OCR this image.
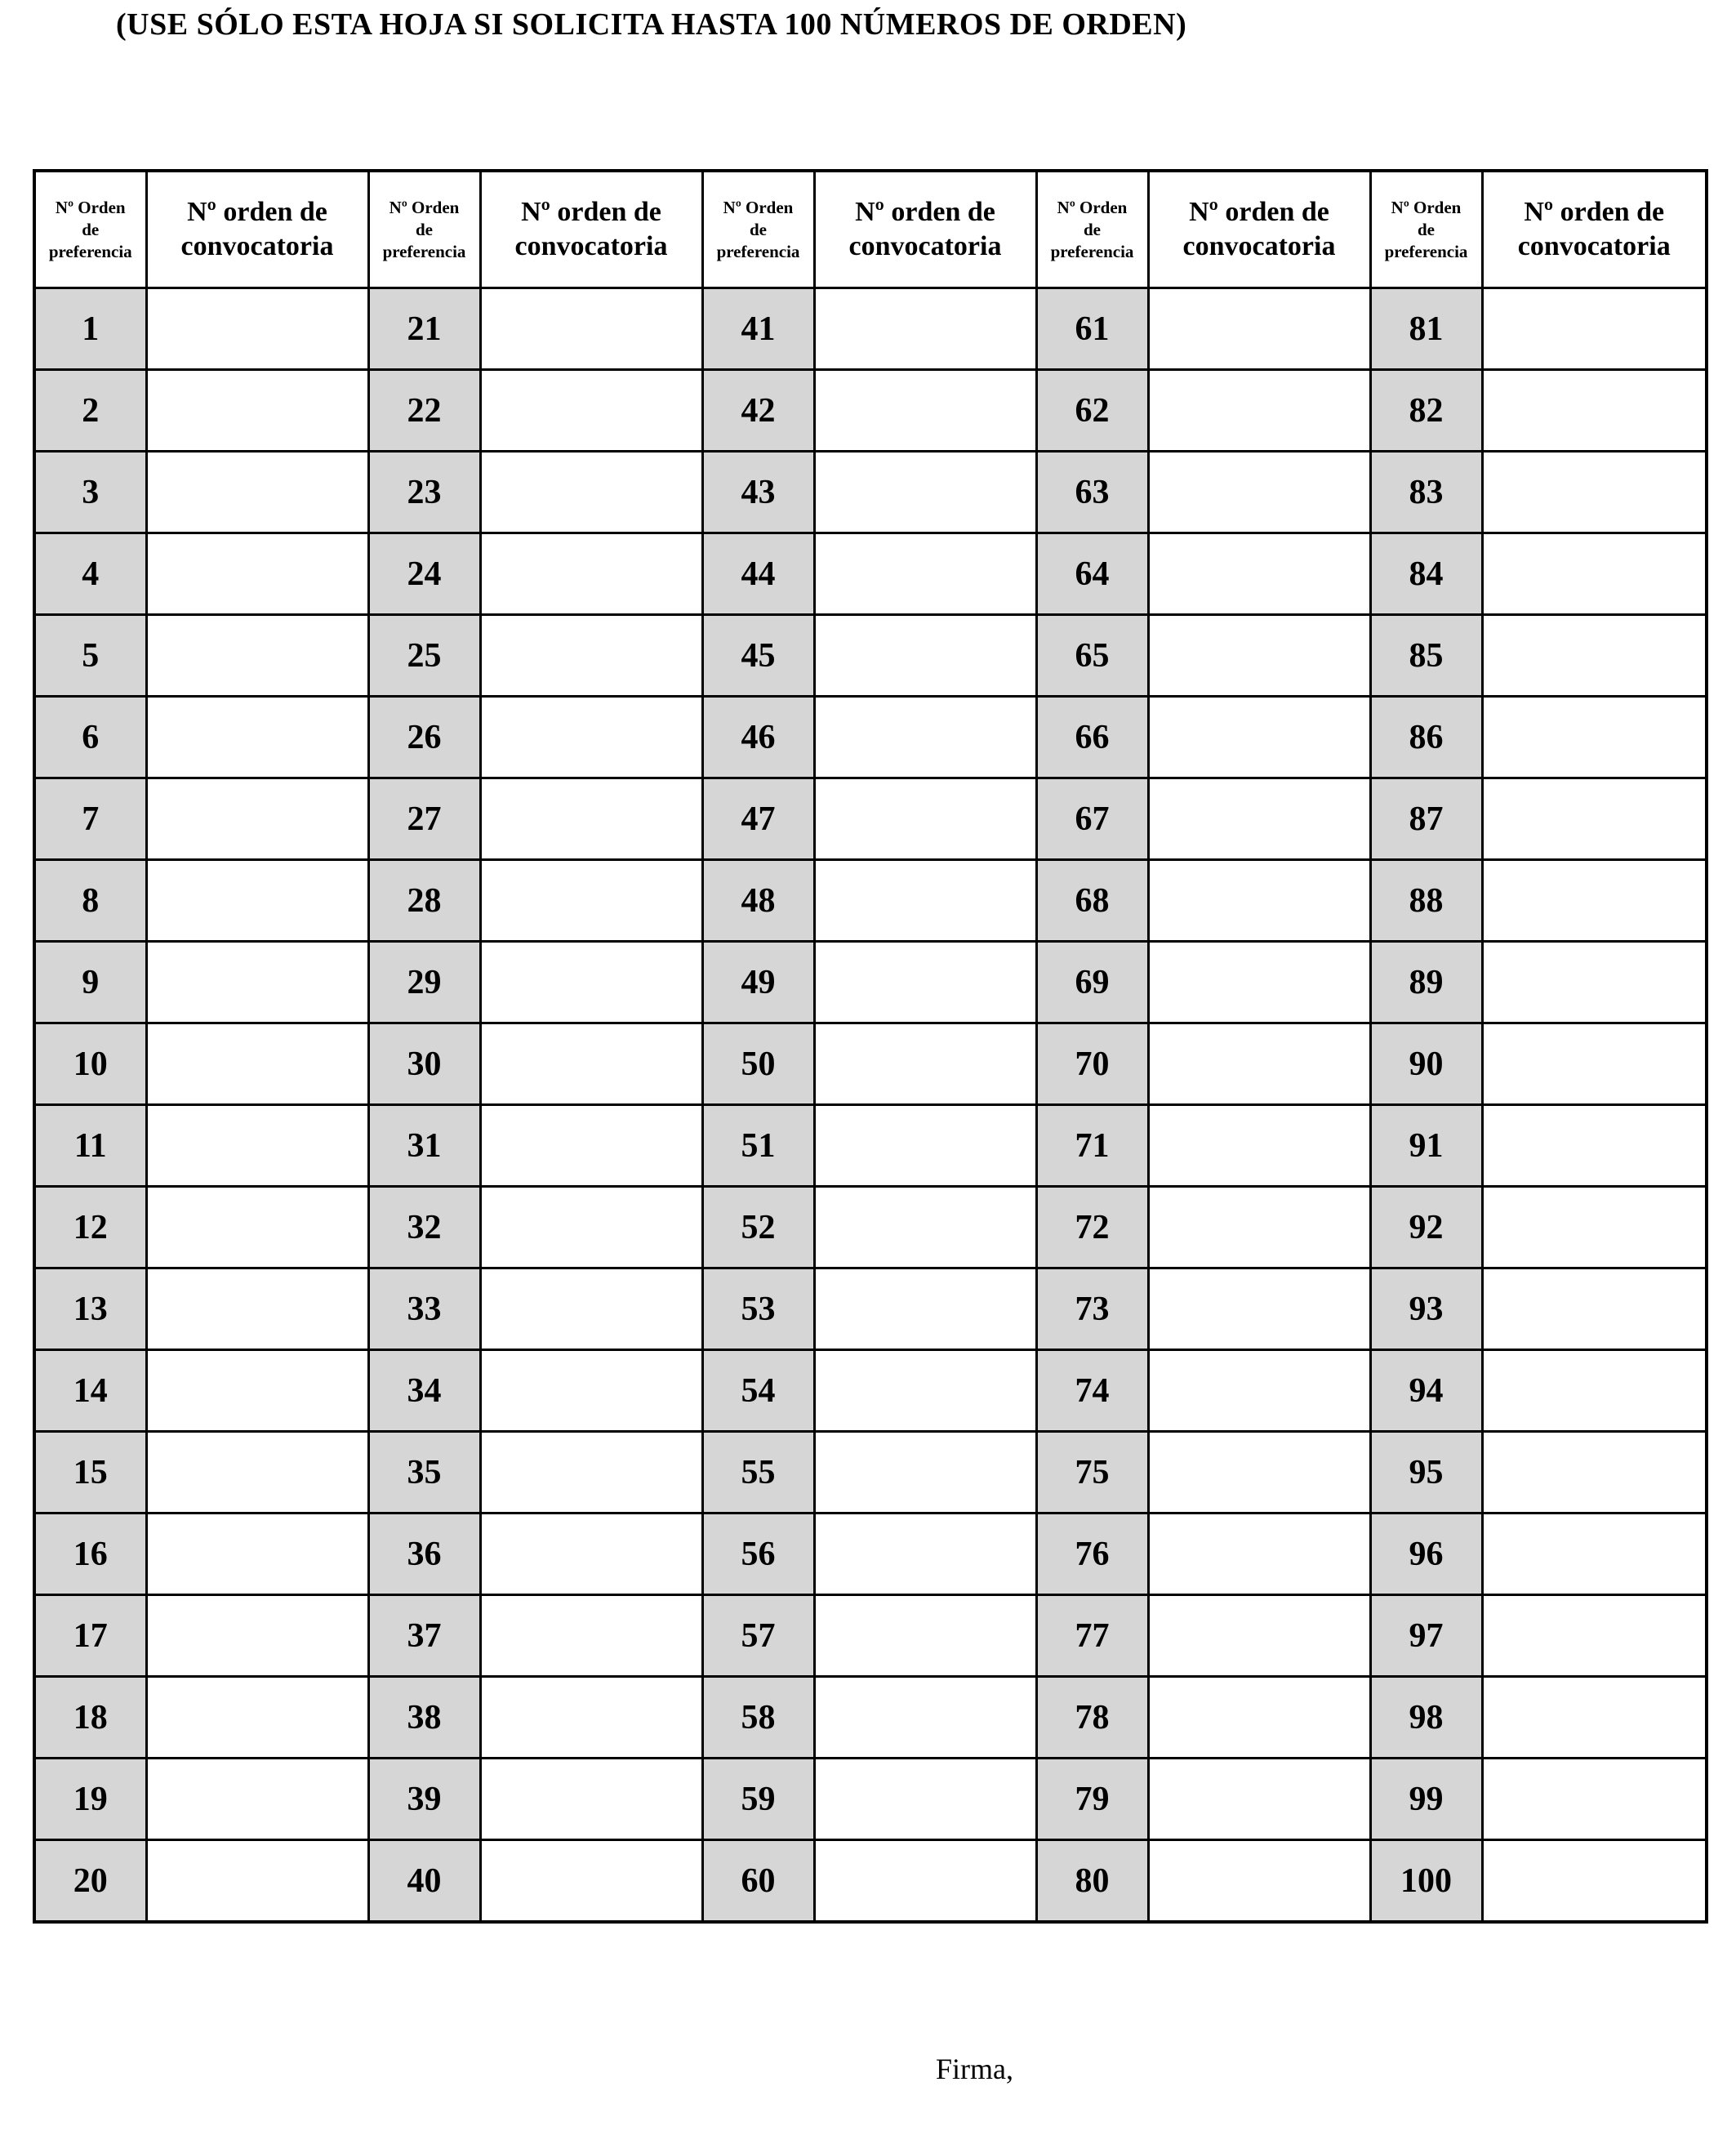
(USE SÓLO ESTA HOJA SI SOLICITA HASTA 100 NÚMEROS DE ORDEN)
Nº Orden
de
preferencia	Nº orden de
convocatoria	Nº Orden
de
preferencia	Nº orden de
convocatoria	Nº Orden
de
preferencia	Nº orden de
convocatoria	Nº Orden
de
preferencia	Nº orden de
convocatoria	Nº Orden
de
preferencia	Nº orden de
convocatoria

1		21		41		61		81	
2		22		42		62		82	
3		23		43		63		83	
4		24		44		64		84	
5		25		45		65		85	
6		26		46		66		86	
7		27		47		67		87	
8		28		48		68		88	
9		29		49		69		89	
10		30		50		70		90	
11		31		51		71		91	
12		32		52		72		92	
13		33		53		73		93	
14		34		54		74		94	
15		35		55		75		95	
16		36		56		76		96	
17		37		57		77		97	
18		38		58		78		98	
19		39		59		79		99	
20		40		60		80		100	
Firma,
